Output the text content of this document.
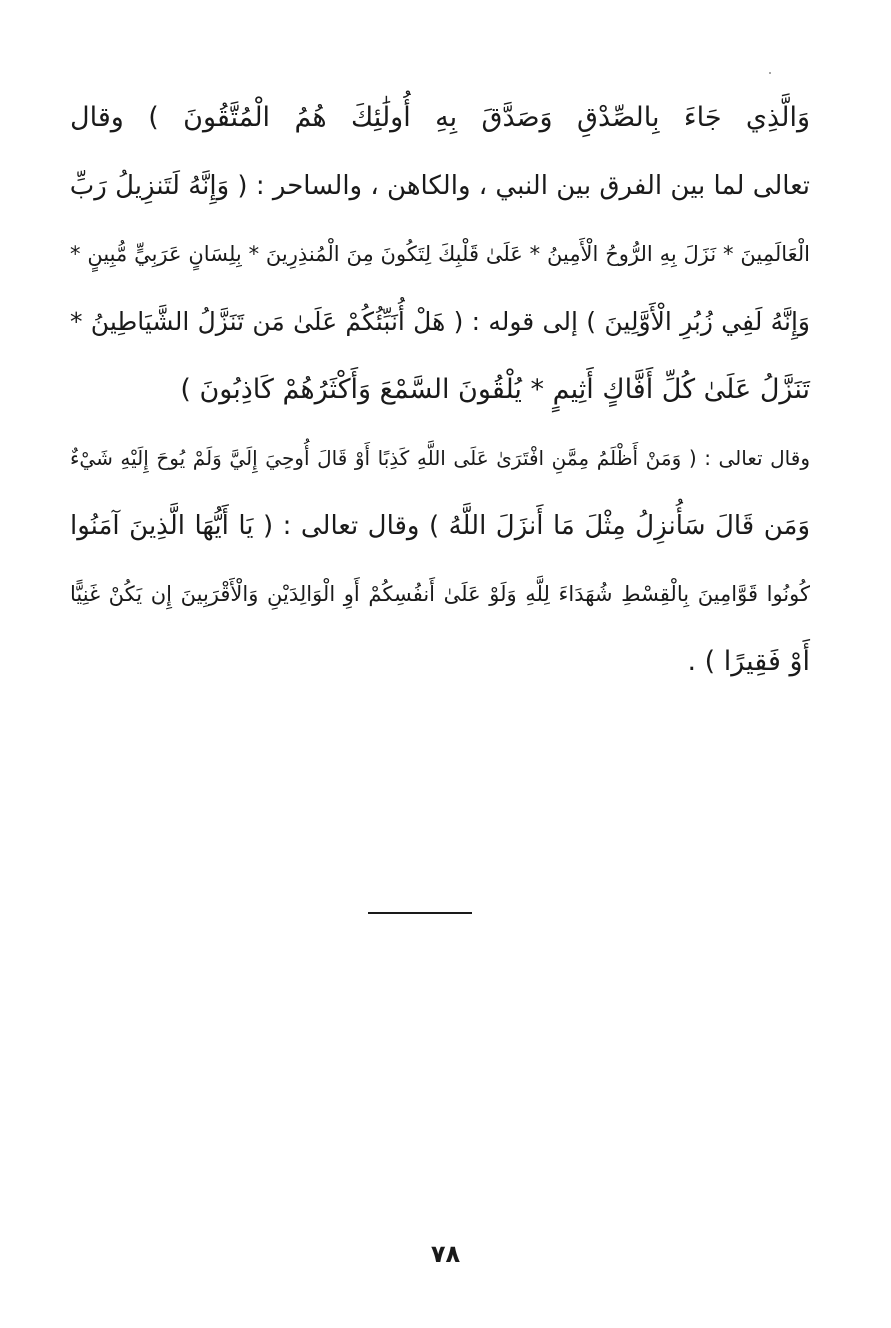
وَالَّذِي جَاءَ بِالصِّدْقِ وَصَدَّقَ بِهِ أُولَٰئِكَ هُمُ الْمُتَّقُونَ ) وقال
تعالى لما بين الفرق بين النبي ، والكاهن ، والساحر : ( وَإِنَّهُ لَتَنزِيلُ رَبِّ
الْعَالَمِينَ * نَزَلَ بِهِ الرُّوحُ الْأَمِينُ * عَلَىٰ قَلْبِكَ لِتَكُونَ مِنَ الْمُنذِرِينَ * بِلِسَانٍ عَرَبِيٍّ مُّبِينٍ *
وَإِنَّهُ لَفِي زُبُرِ الْأَوَّلِينَ ) إلى قوله : ( هَلْ أُنَبِّئُكُمْ عَلَىٰ مَن تَنَزَّلُ الشَّيَاطِينُ *
تَنَزَّلُ عَلَىٰ كُلِّ أَفَّاكٍ أَثِيمٍ * يُلْقُونَ السَّمْعَ وَأَكْثَرُهُمْ كَاذِبُونَ )
وقال تعالى : ( وَمَنْ أَظْلَمُ مِمَّنِ افْتَرَىٰ عَلَى اللَّهِ كَذِبًا أَوْ قَالَ أُوحِيَ إِلَيَّ وَلَمْ يُوحَ إِلَيْهِ شَيْءٌ
وَمَن قَالَ سَأُنزِلُ مِثْلَ مَا أَنزَلَ اللَّهُ ) وقال تعالى : ( يَا أَيُّهَا الَّذِينَ آمَنُوا
كُونُوا قَوَّامِينَ بِالْقِسْطِ شُهَدَاءَ لِلَّهِ وَلَوْ عَلَىٰ أَنفُسِكُمْ أَوِ الْوَالِدَيْنِ وَالْأَقْرَبِينَ إِن يَكُنْ غَنِيًّا
أَوْ فَقِيرًا ) .
٧٨
